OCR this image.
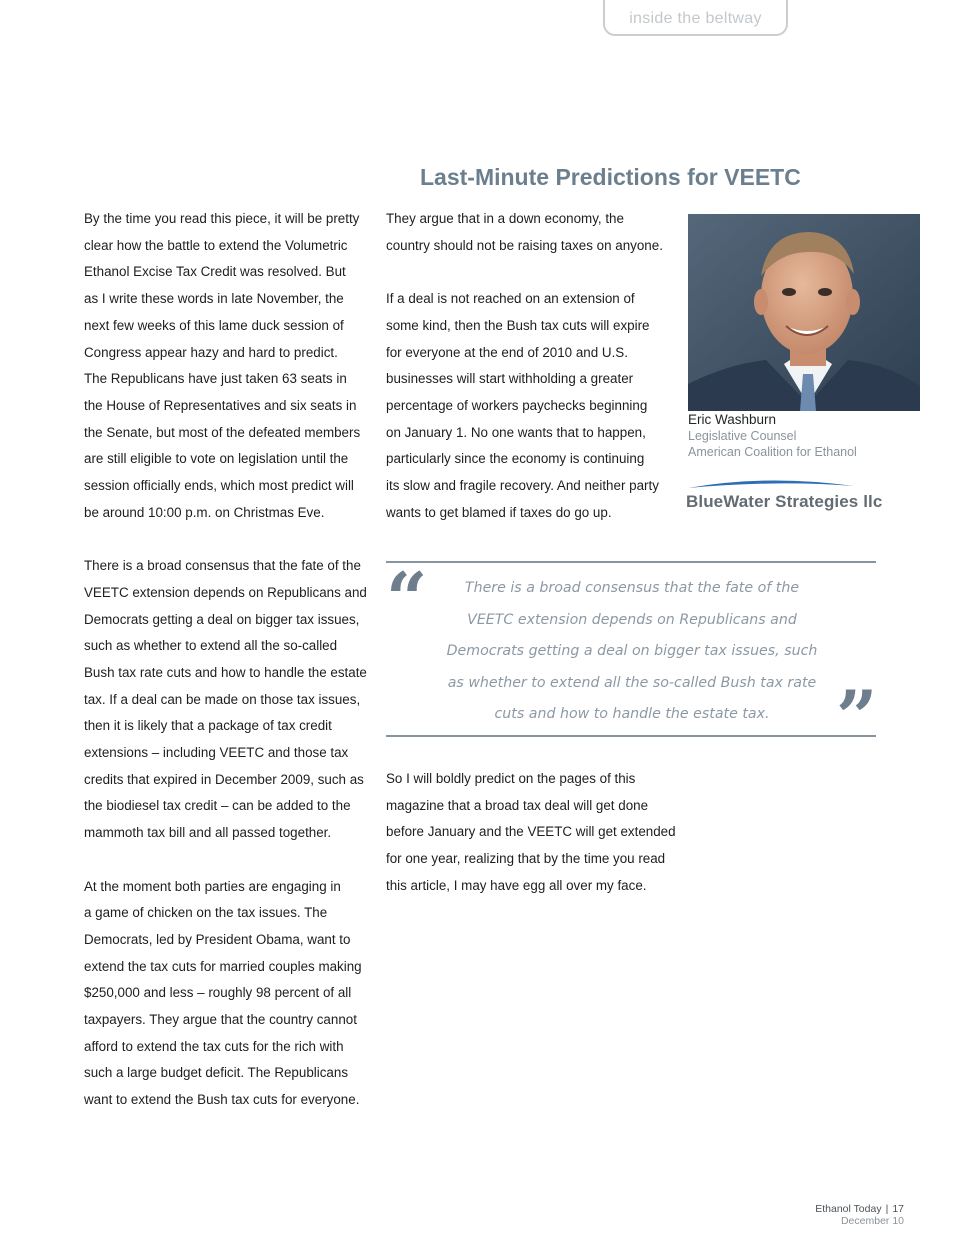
inside the beltway
Last-Minute Predictions for VEETC

By the time you read this piece, it will be pretty

clear how the battle to extend the Volumetric

Ethanol Excise Tax Credit was resolved. But

as I write these words in late November, the

next few weeks of this lame duck session of

Congress appear hazy and hard to predict.

The Republicans have just taken 63 seats in

the House of Representatives and six seats in

the Senate, but most of the defeated members

are still eligible to vote on legislation until the

session officially ends, which most predict will

be around 10:00 p.m. on Christmas Eve.

There is a broad consensus that the fate of the

VEETC extension depends on Republicans and

Democrats getting a deal on bigger tax issues,

such as whether to extend all the so-called

Bush tax rate cuts and how to handle the estate

tax. If a deal can be made on those tax issues,

then it is likely that a package of tax credit

extensions – including VEETC and those tax

credits that expired in December 2009, such as

the biodiesel tax credit – can be added to the

mammoth tax bill and all passed together.

At the moment both parties are engaging in

a game of chicken on the tax issues. The

Democrats, led by President Obama, want to

extend the tax cuts for married couples making

$250,000 and less – roughly 98 percent of all

taxpayers. They argue that the country cannot

afford to extend the tax cuts for the rich with

such a large budget deficit. The Republicans

want to extend the Bush tax cuts for everyone.

They argue that in a down economy, the

country should not be raising taxes on anyone.

If a deal is not reached on an extension of

some kind, then the Bush tax cuts will expire

for everyone at the end of 2010 and U.S.

businesses will start withholding a greater

percentage of workers paychecks beginning

on January 1. No one wants that to happen,

particularly since the economy is continuing

its slow and fragile recovery. And neither party

wants to get blamed if taxes do go up.

Eric Washburn
Legislative Counsel
American Coalition for Ethanol
BlueWater Strategies llc
“	There is a broad consensus that the fate of the

VEETC extension depends on Republicans and

Democrats getting a deal on bigger tax issues, such

as whether to extend all the so-called Bush tax rate

cuts and how to handle the estate tax. ”

So I will boldly predict on the pages of this

magazine that a broad tax deal will get done

before January and the VEETC will get extended

for one year, realizing that by the time you read

this article, I may have egg all over my face.

Ethanol Today | 17
December 10
